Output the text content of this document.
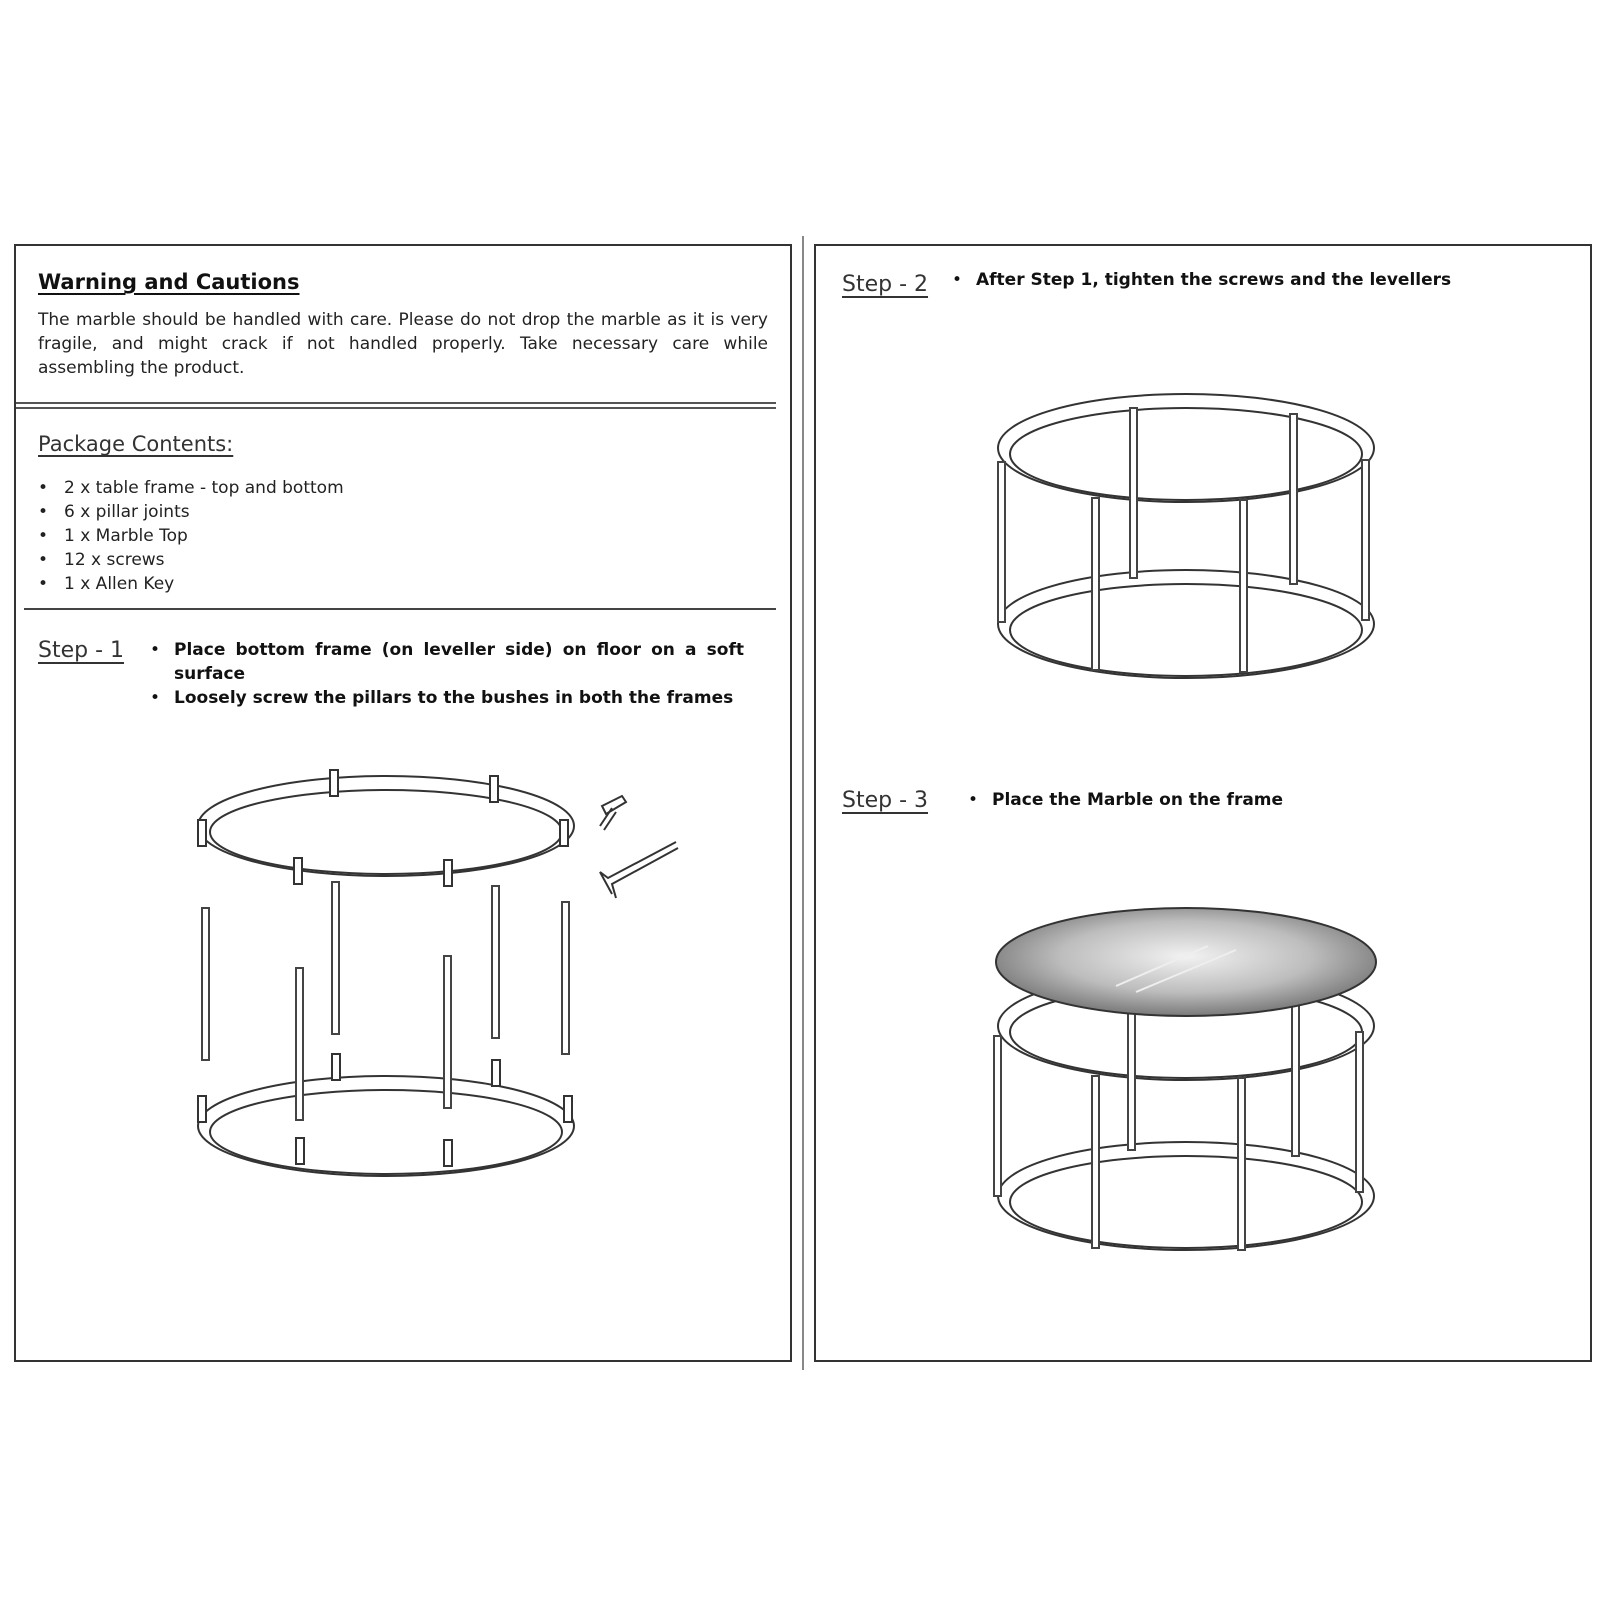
Warning and Cautions
The marble should be handled with care. Please do not drop the marble as it is very fragile, and might crack if not handled properly. Take necessary care while assembling the product.
Package Contents:
• 2 x table frame - top and bottom
• 6 x pillar joints
• 1 x Marble Top
• 12 x screws
• 1 x Allen Key
Step - 1	• Place bottom frame (on leveller side) on floor on a soft surface
• Loosely screw the pillars to the bushes in both the frames
Step - 2	• After Step 1, tighten the screws and the levellers
Step - 3	• Place the Marble on the frame
